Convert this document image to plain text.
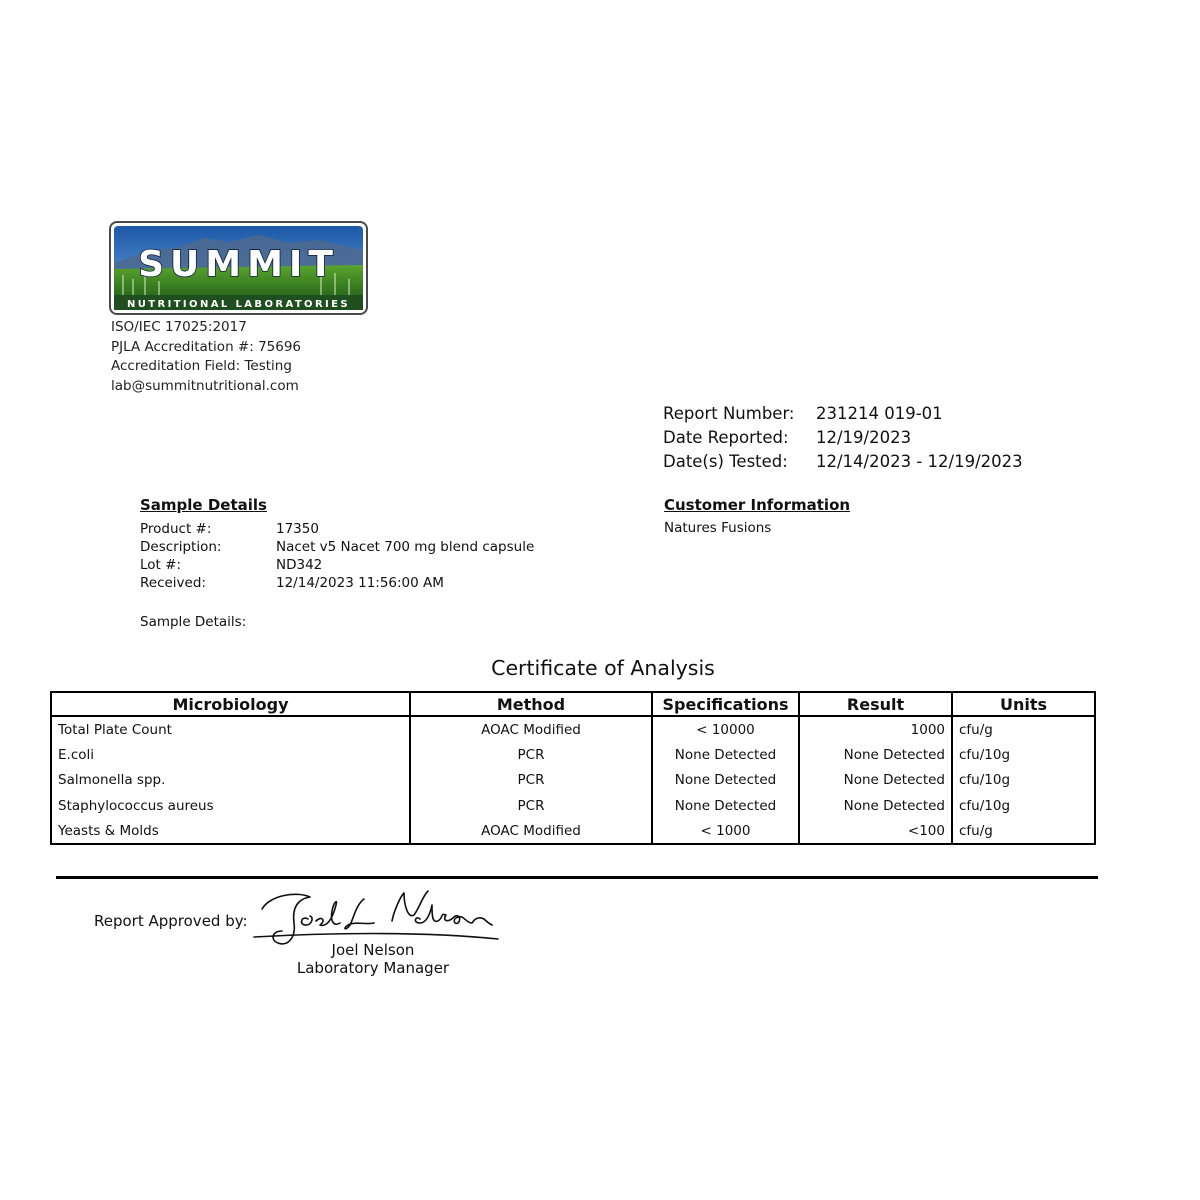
SUMMIT
NUTRITIONAL LABORATORIES
ISO/IEC 17025:2017
PJLA Accreditation #: 75696
Accreditation Field: Testing
lab@summitnutritional.com
Report Number:	231214 019-01
Date Reported:	12/19/2023
Date(s) Tested:	12/14/2023 - 12/19/2023
Sample Details
Product #:	17350
Description:	Nacet v5 Nacet 700 mg blend capsule
Lot #:	ND342
Received:	12/14/2023 11:56:00 AM
Sample Details:
Customer Information
Natures Fusions
Certificate of Analysis
Microbiology	Method	Specifications	Result	Units
Total Plate Count	AOAC Modified	< 10000	1000	cfu/g
E.coli	PCR	None Detected	None Detected	cfu/10g
Salmonella spp.	PCR	None Detected	None Detected	cfu/10g
Staphylococcus aureus	PCR	None Detected	None Detected	cfu/10g
Yeasts & Molds	AOAC Modified	< 1000	<100	cfu/g
Report Approved by:
Joel Nelson
Laboratory Manager
